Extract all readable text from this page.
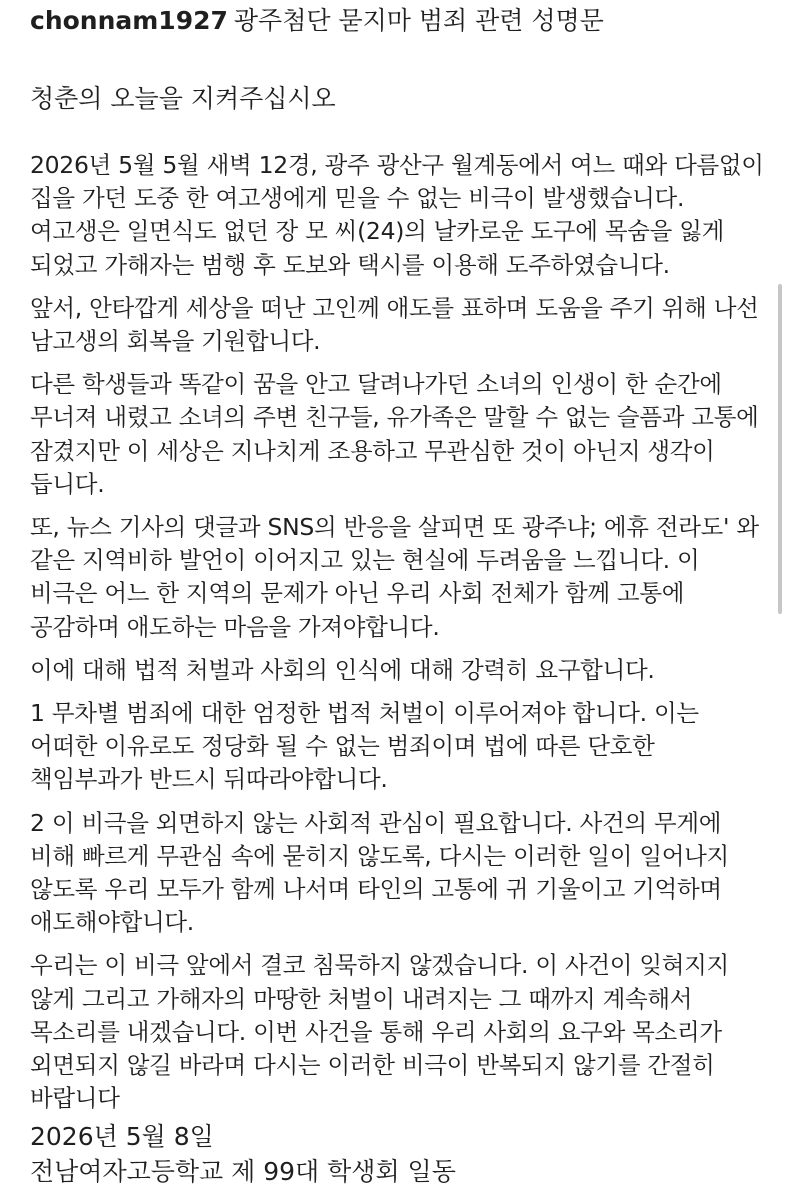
chonnam1927 광주첨단 묻지마 범죄 관련 성명문
청춘의 오늘을 지켜주십시오

2026년 5월 5월 새벽 12경, 광주 광산구 월계동에서 여느 때와 다름없이 집을 가던 도중 한 여고생에게 믿을 수 없는 비극이 발생했습니다. 여고생은 일면식도 없던 장 모 씨(24)의 날카로운 도구에 목숨을 잃게 되었고 가해자는 범행 후 도보와 택시를 이용해 도주하였습니다.

앞서, 안타깝게 세상을 떠난 고인께 애도를 표하며 도움을 주기 위해 나선 남고생의 회복을 기원합니다.

다른 학생들과 똑같이 꿈을 안고 달려나가던 소녀의 인생이 한 순간에 무너져 내렸고 소녀의 주변 친구들, 유가족은 말할 수 없는 슬픔과 고통에 잠겼지만 이 세상은 지나치게 조용하고 무관심한 것이 아닌지 생각이 듭니다.

또, 뉴스 기사의 댓글과 SNS의 반응을 살피면 또 광주냐; 에휴 전라도' 와 같은 지역비하 발언이 이어지고 있는 현실에 두려움을 느낍니다. 이 비극은 어느 한 지역의 문제가 아닌 우리 사회 전체가 함께 고통에 공감하며 애도하는 마음을 가져야합니다.

이에 대해 법적 처벌과 사회의 인식에 대해 강력히 요구합니다.

1 무차별 범죄에 대한 엄정한 법적 처벌이 이루어져야 합니다. 이는 어떠한 이유로도 정당화 될 수 없는 범죄이며 법에 따른 단호한 책임부과가 반드시 뒤따라야합니다.

2 이 비극을 외면하지 않는 사회적 관심이 필요합니다. 사건의 무게에 비해 빠르게 무관심 속에 묻히지 않도록, 다시는 이러한 일이 일어나지 않도록 우리 모두가 함께 나서며 타인의 고통에 귀 기울이고 기억하며 애도해야합니다.

우리는 이 비극 앞에서 결코 침묵하지 않겠습니다. 이 사건이 잊혀지지 않게 그리고 가해자의 마땅한 처벌이 내려지는 그 때까지 계속해서 목소리를 내겠습니다. 이번 사건을 통해 우리 사회의 요구와 목소리가 외면되지 않길 바라며 다시는 이러한 비극이 반복되지 않기를 간절히 바랍니다

2026년 5월 8일
전남여자고등학교 제 99대 학생회 일동
